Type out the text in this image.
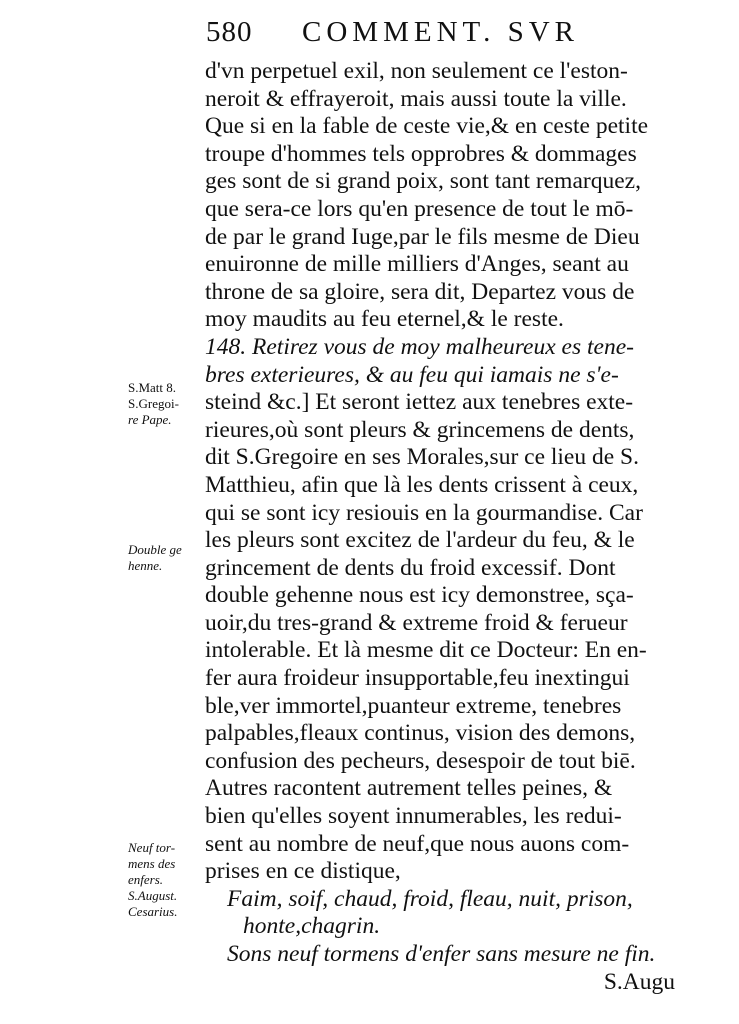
580 COMMENT. SVR
d'vn perpetuel exil, non seulement ce l'eston-
neroit & effrayeroit, mais aussi toute la ville.
Que si en la fable de ceste vie,& en ceste petite
troupe d'hommes tels opprobres & dommages
ges sont de si grand poix, sont tant remarquez,
que sera-ce lors qu'en presence de tout le mō-
de par le grand Iuge,par le fils mesme de Dieu
enuironne de mille milliers d'Anges, seant au
throne de sa gloire, sera dit, Departez vous de
moy maudits au feu eternel,& le reste.
148. Retirez vous de moy malheureux es tene-
bres exterieures, & au feu qui iamais ne s'e-
steind &c.] Et seront iettez aux tenebres exte-
rieures,où sont pleurs & grincemens de dents,
dit S.Gregoire en ses Morales,sur ce lieu de S.
Matthieu, afin que là les dents crissent à ceux,
qui se sont icy resiouis en la gourmandise. Car
les pleurs sont excitez de l'ardeur du feu, & le
grincement de dents du froid excessif. Dont
double gehenne nous est icy demonstree, sça-
uoir,du tres-grand & extreme froid & ferueur
intolerable. Et là mesme dit ce Docteur: En en-
fer aura froideur insupportable,feu inextingui
ble,ver immortel,puanteur extreme, tenebres
palpables,fleaux continus, vision des demons,
confusion des pecheurs, desespoir de tout biē.
Autres racontent autrement telles peines, &
bien qu'elles soyent innumerables, les redui-
sent au nombre de neuf,que nous auons com-
prises en ce distique,
Faim, soif, chaud, froid, fleau, nuit, prison,
honte,chagrin.
Sons neuf tormens d'enfer sans mesure ne fin.
S.Augu
S.Matt 8.
S.Gregoi-
re Pape.
Double ge
henne.
Neuf tor-
mens des
enfers.
S.August.
Cesarius.
